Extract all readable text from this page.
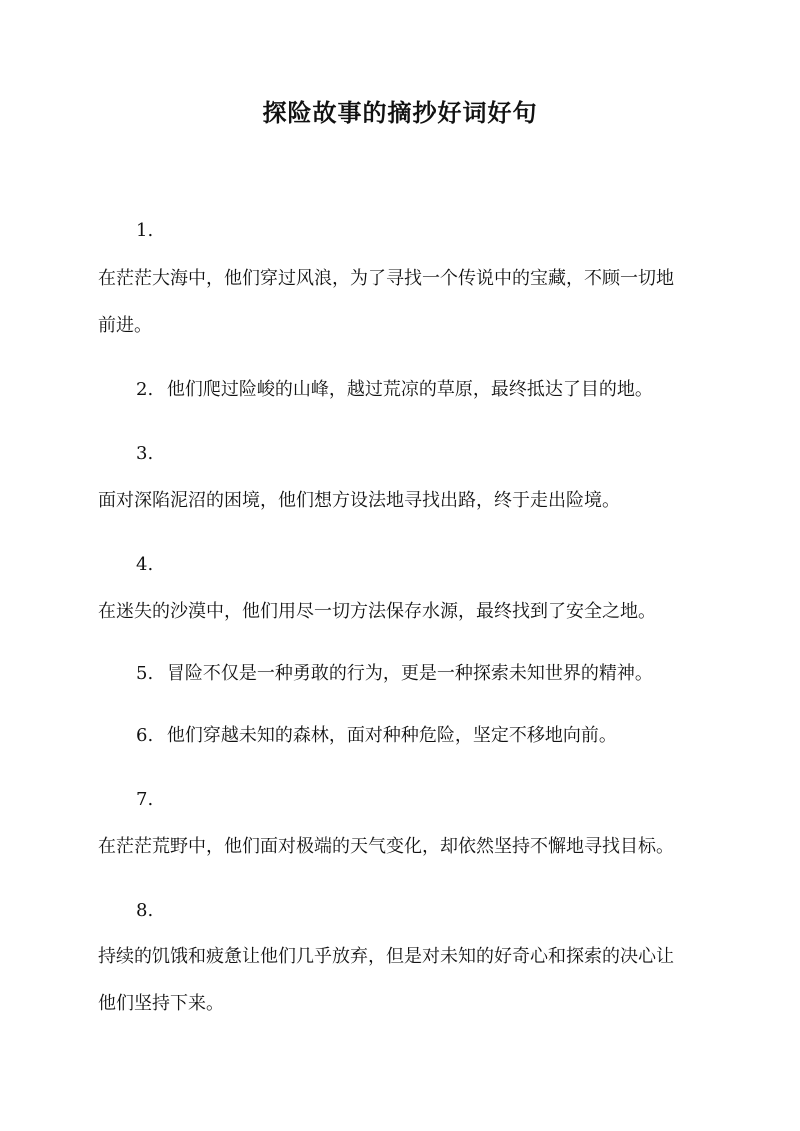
探险故事的摘抄好词好句
1.
在茫茫大海中，他们穿过风浪，为了寻找一个传说中的宝藏，不顾一切地
前进。
2. 他们爬过险峻的山峰，越过荒凉的草原，最终抵达了目的地。
3.
面对深陷泥沼的困境，他们想方设法地寻找出路，终于走出险境。
4.
在迷失的沙漠中，他们用尽一切方法保存水源，最终找到了安全之地。
5. 冒险不仅是一种勇敢的行为，更是一种探索未知世界的精神。
6. 他们穿越未知的森林，面对种种危险，坚定不移地向前。
7.
在茫茫荒野中，他们面对极端的天气变化，却依然坚持不懈地寻找目标。
8.
持续的饥饿和疲惫让他们几乎放弃，但是对未知的好奇心和探索的决心让
他们坚持下来。
